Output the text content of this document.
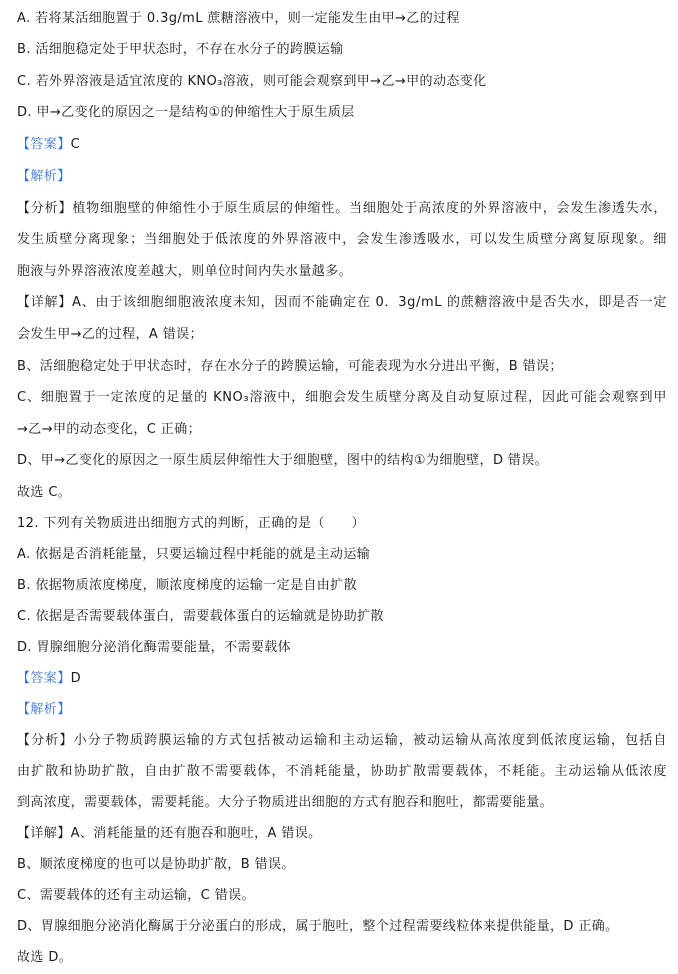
A. 若将某活细胞置于 0.3g/mL 蔗糖溶液中，则一定能发生由甲→乙的过程
B. 活细胞稳定处于甲状态时，不存在水分子的跨膜运输
C. 若外界溶液是适宜浓度的 KNO₃溶液，则可能会观察到甲→乙→甲的动态变化
D. 甲→乙变化的原因之一是结构①的伸缩性大于原生质层
【答案】C
【解析】
【分析】植物细胞壁的伸缩性小于原生质层的伸缩性。当细胞处于高浓度的外界溶液中，会发生渗透失水，
发生质壁分离现象；当细胞处于低浓度的外界溶液中，会发生渗透吸水，可以发生质壁分离复原现象。细
胞液与外界溶液浓度差越大，则单位时间内失水量越多。
【详解】A、由于该细胞细胞液浓度未知，因而不能确定在 0．3g/mL 的蔗糖溶液中是否失水，即是否一定
会发生甲→乙的过程，A 错误；
B、活细胞稳定处于甲状态时，存在水分子的跨膜运输，可能表现为水分进出平衡，B 错误；
C、细胞置于一定浓度的足量的 KNO₃溶液中，细胞会发生质壁分离及自动复原过程，因此可能会观察到甲
→乙→甲的动态变化，C 正确；
D、甲→乙变化的原因之一原生质层伸缩性大于细胞壁，图中的结构①为细胞壁，D 错误。
故选 C。
12. 下列有关物质进出细胞方式的判断，正确的是（　　）
A. 依据是否消耗能量，只要运输过程中耗能的就是主动运输
B. 依据物质浓度梯度，顺浓度梯度的运输一定是自由扩散
C. 依据是否需要载体蛋白，需要载体蛋白的运输就是协助扩散
D. 胃腺细胞分泌消化酶需要能量，不需要载体
【答案】D
【解析】
【分析】小分子物质跨膜运输的方式包括被动运输和主动运输，被动运输从高浓度到低浓度运输，包括自
由扩散和协助扩散，自由扩散不需要载体，不消耗能量，协助扩散需要载体，不耗能。主动运输从低浓度
到高浓度，需要载体，需要耗能。大分子物质进出细胞的方式有胞吞和胞吐，都需要能量。
【详解】A、消耗能量的还有胞吞和胞吐，A 错误。
B、顺浓度梯度的也可以是协助扩散，B 错误。
C、需要载体的还有主动运输，C 错误。
D、胃腺细胞分泌消化酶属于分泌蛋白的形成，属于胞吐，整个过程需要线粒体来提供能量，D 正确。
故选 D。
